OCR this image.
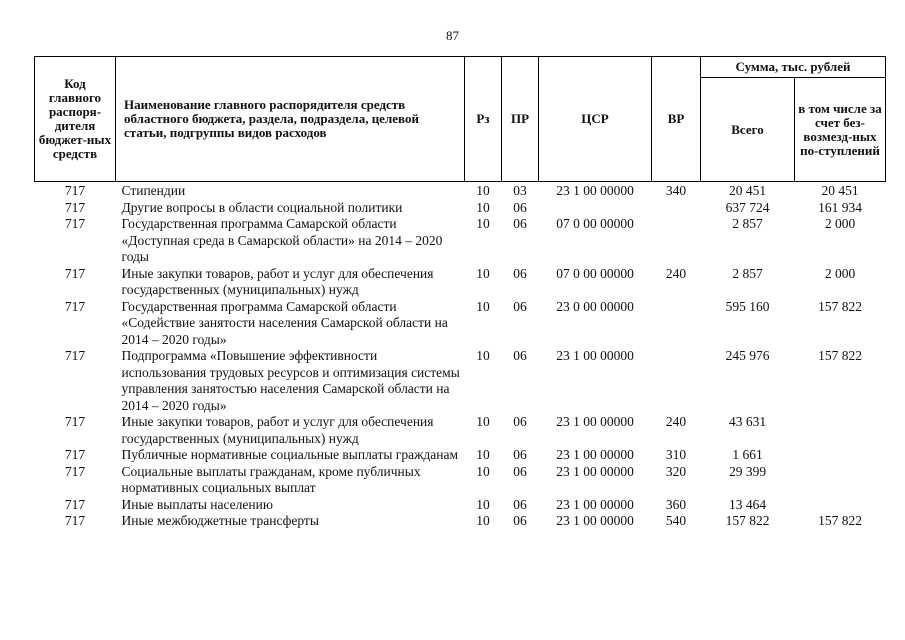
87
Код главного распоря-дителя бюджет-ных средств	Наименование главного распорядителя средств областного бюджета, раздела, подраздела, целевой статьи, подгруппы видов расходов	Рз	ПР	ЦСР	ВР	Сумма, тыс. рублей	
						Всего	в том числе за счет без-возмезд-ных по-ступлений
717	Стипендии	10	03	23 1 00 00000	340	20 451	20 451
717	Другие вопросы в области социальной политики	10	06			637 724	161 934
717	Государственная программа Самарской области «Доступная среда в Самарской области» на 2014 – 2020 годы	10	06	07 0 00 00000		2 857	2 000
717	Иные закупки товаров, работ и услуг для обеспечения государственных (муниципальных) нужд	10	06	07 0 00 00000	240	2 857	2 000
717	Государственная программа Самарской области «Содействие занятости населения Самарской области на 2014 – 2020 годы»	10	06	23 0 00 00000		595 160	157 822
717	Подпрограмма «Повышение эффективности использования трудовых ресурсов и оптимизация системы управления занятостью населения Самарской области на 2014 – 2020 годы»	10	06	23 1 00 00000		245 976	157 822
717	Иные закупки товаров, работ и услуг для обеспечения государственных (муниципальных) нужд	10	06	23 1 00 00000	240	43 631	
717	Публичные нормативные социальные выплаты гражданам	10	06	23 1 00 00000	310	1 661	
717	Социальные выплаты гражданам, кроме публичных нормативных социальных выплат	10	06	23 1 00 00000	320	29 399	
717	Иные выплаты населению	10	06	23 1 00 00000	360	13 464	
717	Иные межбюджетные трансферты	10	06	23 1 00 00000	540	157 822	157 822
